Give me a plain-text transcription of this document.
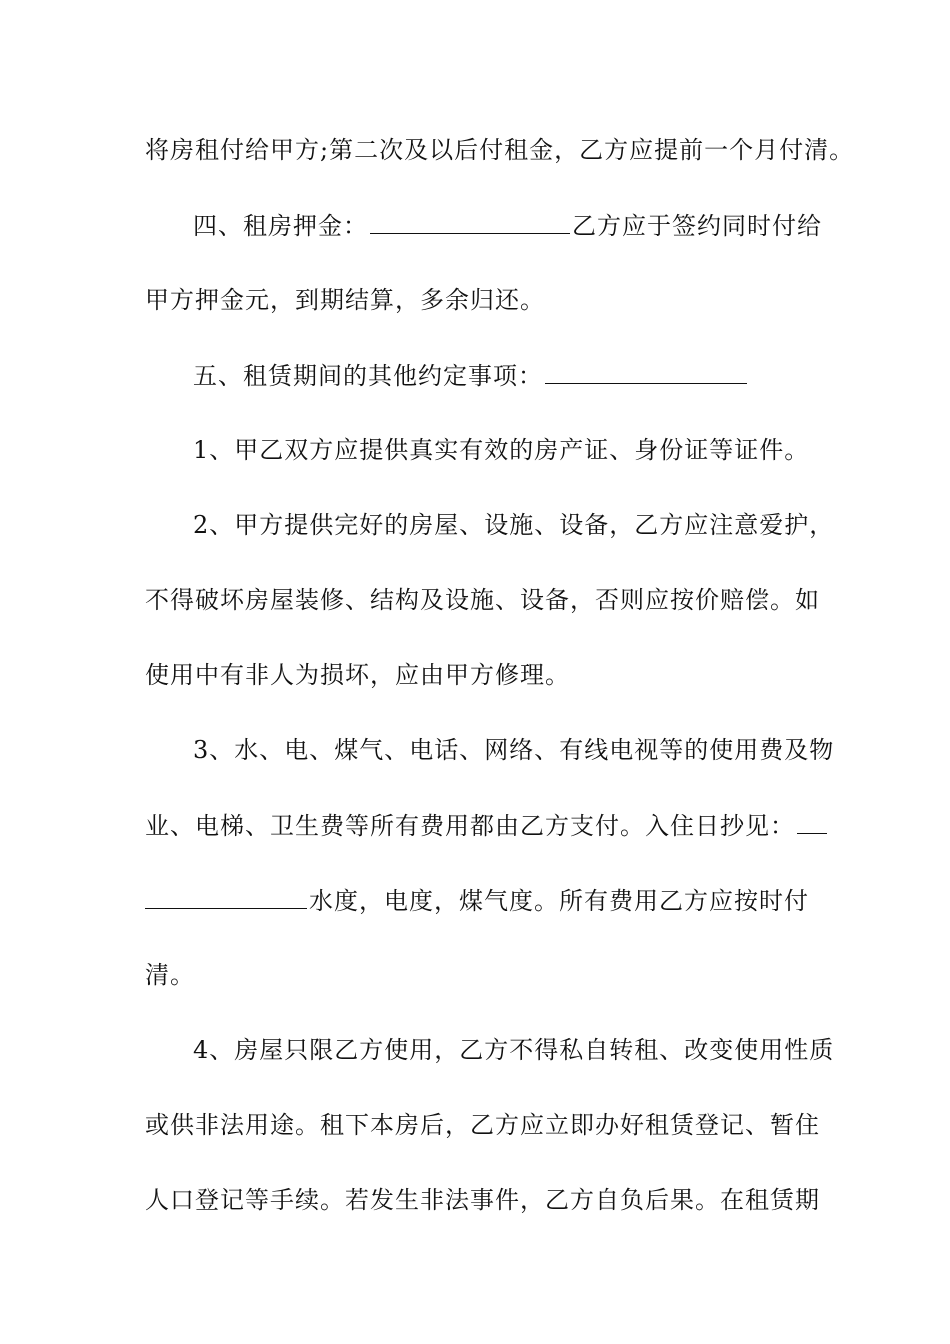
将房租付给甲方;第二次及以后付租金，乙方应提前一个月付清。
四、租房押金：	乙方应于签约同时付给
甲方押金元，到期结算，多余归还。
五、租赁期间的其他约定事项：
1、甲乙双方应提供真实有效的房产证、身份证等证件。
2、甲方提供完好的房屋、设施、设备，乙方应注意爱护，
不得破坏房屋装修、结构及设施、设备，否则应按价赔偿。如
使用中有非人为损坏，应由甲方修理。
3、水、电、煤气、电话、网络、有线电视等的使用费及物
业、电梯、卫生费等所有费用都由乙方支付。入住日抄见：
水度，电度，煤气度。所有费用乙方应按时付
清。
4、房屋只限乙方使用，乙方不得私自转租、改变使用性质
或供非法用途。租下本房后，乙方应立即办好租赁登记、暂住
人口登记等手续。若发生非法事件，乙方自负后果。在租赁期
